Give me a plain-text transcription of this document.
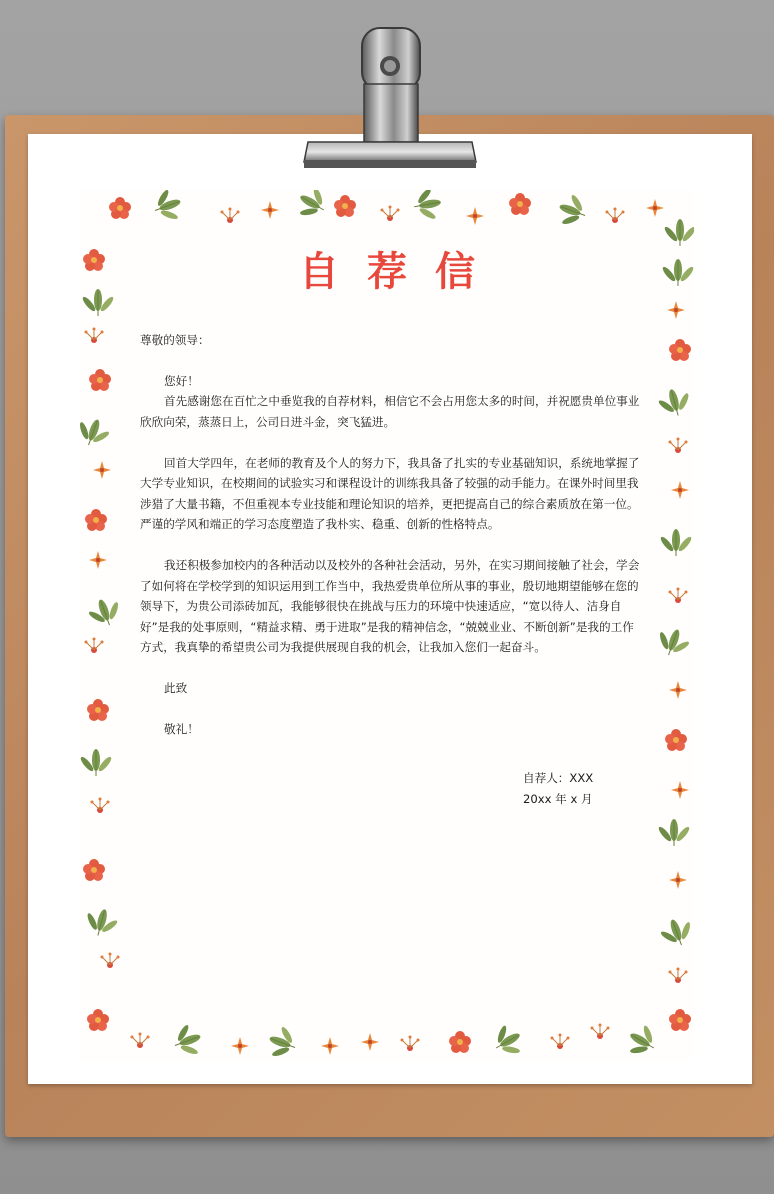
自荐信

尊敬的领导：

您好！

首先感谢您在百忙之中垂览我的自荐材料，相信它不会占用您太多的时间，并祝愿贵单位事业欣欣向荣，蒸蒸日上，公司日进斗金，突飞猛进。

回首大学四年，在老师的教育及个人的努力下，我具备了扎实的专业基础知识，系统地掌握了大学专业知识，在校期间的试验实习和课程设计的训练我具备了较强的动手能力。在课外时间里我涉猎了大量书籍，不但重视本专业技能和理论知识的培养，更把提高自己的综合素质放在第一位。严谨的学风和端正的学习态度塑造了我朴实、稳重、创新的性格特点。

我还积极参加校内的各种活动以及校外的各种社会活动，另外，在实习期间接触了社会，学会了如何将在学校学到的知识运用到工作当中，我热爱贵单位所从事的事业，殷切地期望能够在您的领导下，为贵公司添砖加瓦，我能够很快在挑战与压力的环境中快速适应，“宽以待人、洁身自好”是我的处事原则，“精益求精、勇于进取”是我的精神信念，“兢兢业业、不断创新”是我的工作方式，我真挚的希望贵公司为我提供展现自我的机会，让我加入您们一起奋斗。

此致

敬礼！

自荐人：XXX
20xx 年 x 月
